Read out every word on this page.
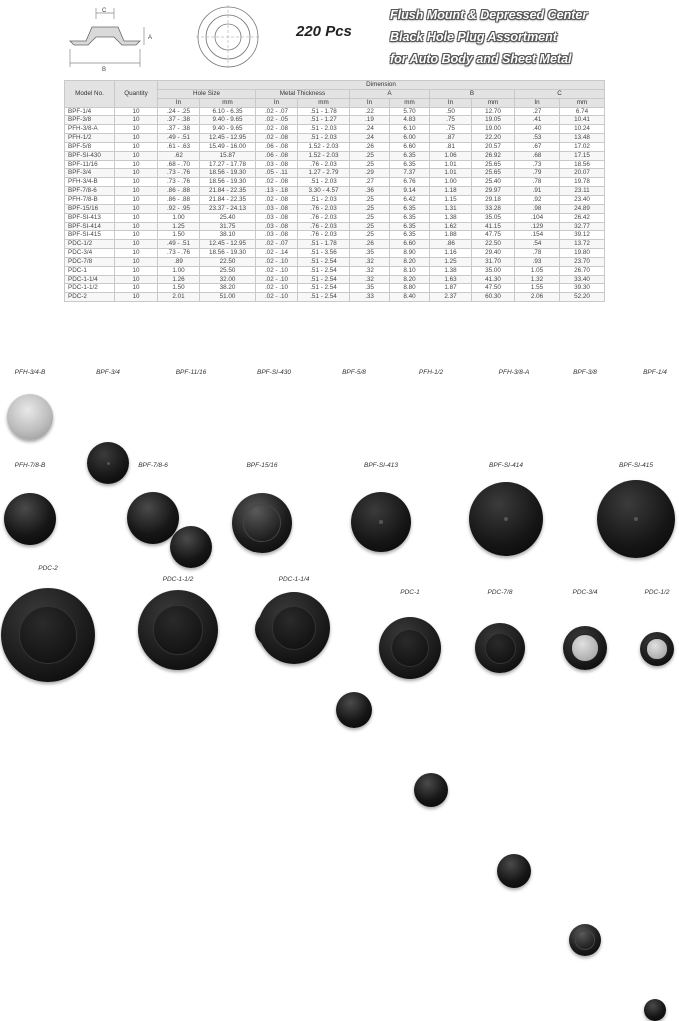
C
A
B
220 Pcs
Flush Mount & Depressed Center
Black Hole Plug Assortment
for Auto Body and Sheet Metal
Model No.	Quantity	Dimension									
		Hole Size		Metal Thickness		A		B		C	
		In	mm	In	mm	In	mm	In	mm	In	mm
BPF-1/4	10	.24 - .25	6.10 - 6.35	.02 - .07	.51 - 1.78	.22	5.70	.50	12.70	.27	6.74
BPF-3/8	10	.37 - .38	9.40 - 9.65	.02 - .05	.51 - 1.27	.19	4.83	.75	19.05	.41	10.41
PFH-3/8-A	10	.37 - .38	9.40 - 9.65	.02 - .08	.51 - 2.03	.24	6.10	.75	19.00	.40	10.24
PFH-1/2	10	.49 - .51	12.45 - 12.95	.02 - .08	.51 - 2.03	.24	6.00	.87	22.20	.53	13.48
BPF-5/8	10	.61 - .63	15.49 - 16.00	.06 - .08	1.52 - 2.03	.26	6.60	.81	20.57	.67	17.02
BPF-SI-430	10	.62	15.87	.06 - .08	1.52 - 2.03	.25	6.35	1.06	26.92	.68	17.15
BPF-11/16	10	.68 - .70	17.27 - 17.78	.03 - .08	.76 - 2.03	.25	6.35	1.01	25.65	.73	18.56
BPF-3/4	10	.73 - .76	18.56 - 19.30	.05 - .11	1.27 - 2.79	.29	7.37	1.01	25.65	.79	20.07
PFH-3/4-B	10	.73 - .76	18.56 - 19.30	.02 - .08	.51 - 2.03	.27	6.76	1.00	25.40	.78	19.78
BPF-7/8-6	10	.86 - .88	21.84 - 22.35	.13 - .18	3.30 - 4.57	.36	9.14	1.18	29.97	.91	23.11
PFH-7/8-B	10	.86 - .88	21.84 - 22.35	.02 - .08	.51 - 2.03	.25	6.42	1.15	29.18	.92	23.40
BPF-15/16	10	.92 - .95	23.37 - 24.13	.03 - .08	.76 - 2.03	.25	6.35	1.31	33.28	.98	24.89
BPF-SI-413	10	1.00	25.40	.03 - .08	.76 - 2.03	.25	6.35	1.38	35.05	.104	26.42
BPF-SI-414	10	1.25	31.75	.03 - .08	.76 - 2.03	.25	6.35	1.62	41.15	.129	32.77
BPF-SI-415	10	1.50	38.10	.03 - .08	.76 - 2.03	.25	6.35	1.88	47.75	.154	39.12
PDC-1/2	10	.49 - .51	12.45 - 12.95	.02 - .07	.51 - 1.78	.26	6.60	.86	22.50	.54	13.72
PDC-3/4	10	.73 - .76	18.56 - 19.30	.02 - .14	.51 - 3.56	.35	8.90	1.16	29.40	.78	19.80
PDC-7/8	10	.89	22.50	.02 - .10	.51 - 2.54	.32	8.20	1.25	31.70	.93	23.70
PDC-1	10	1.00	25.50	.02 - .10	.51 - 2.54	.32	8.10	1.38	35.00	1.05	26.70
PDC-1-1/4	10	1.26	32.00	.02 - .10	.51 - 2.54	.32	8.20	1.63	41.30	1.32	33.40
PDC-1-1/2	10	1.50	38.20	.02 - .10	.51 - 2.54	.35	8.80	1.87	47.50	1.55	39.30
PDC-2	10	2.01	51.00	.02 - .10	.51 - 2.54	.33	8.40	2.37	60.30	2.06	52.20
PFH-3/4-B	BPF-3/4	BPF-11/16	BPF-SI-430	BPF-5/8	PFH-1/2	PFH-3/8-A	BPF-3/8	BPF-1/4
PFH-7/8-B	BPF-7/8-6	BPF-15/16	BPF-SI-413	BPF-SI-414	BPF-SI-415
PDC-2
PDC-1-1/2	PDC-1-1/4
PDC-1	PDC-7/8	PDC-3/4	PDC-1/2
